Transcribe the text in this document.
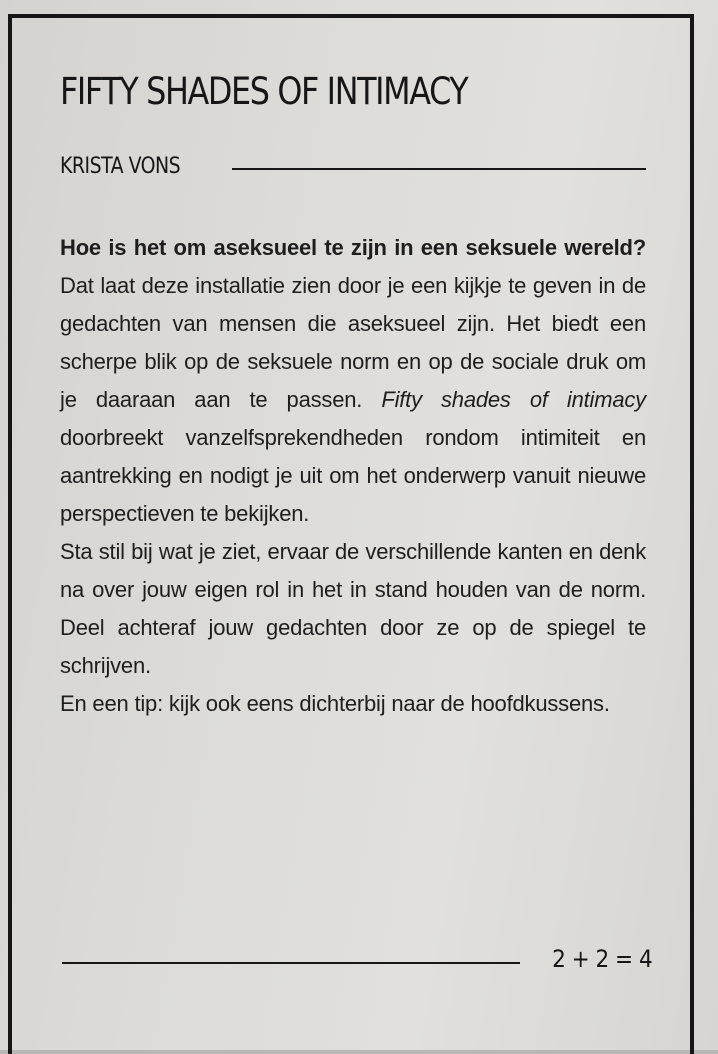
FIFTY SHADES OF INTIMACY
KRISTA VONS

Hoe is het om aseksueel te zijn in een seksuele wereld? Dat laat deze installatie zien door je een kijkje te geven in de gedachten van mensen die aseksueel zijn. Het biedt een scherpe blik op de seksuele norm en op de sociale druk om je daaraan aan te passen. Fifty shades of intimacy doorbreekt vanzelfsprekendheden rondom intimiteit en aantrekking en nodigt je uit om het onderwerp vanuit nieuwe perspectieven te bekijken.

Sta stil bij wat je ziet, ervaar de verschillende kanten en denk na over jouw eigen rol in het in stand houden van de norm. Deel achteraf jouw gedachten door ze op de spiegel te schrijven.

En een tip: kijk ook eens dichterbij naar de hoofdkussens.

2 + 2 = 4
